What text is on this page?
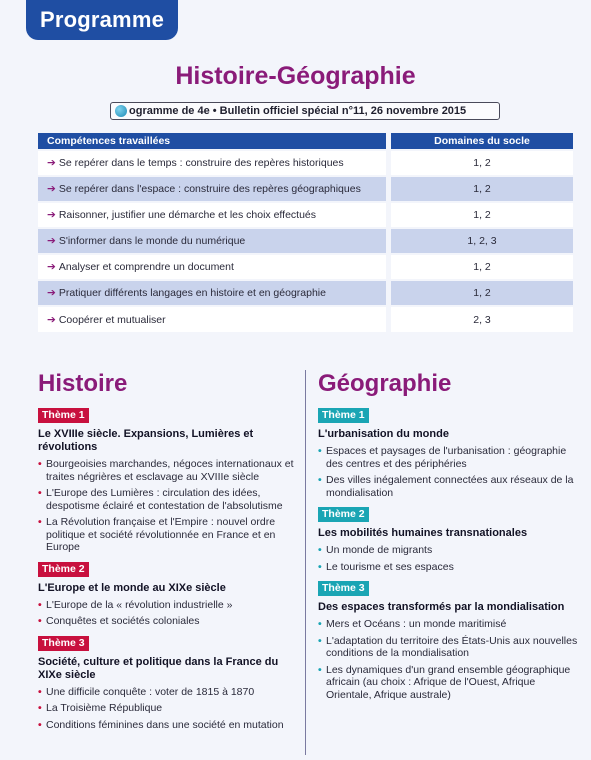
Programme
Histoire-Géographie
ogramme de 4e • Bulletin officiel spécial n°11, 26 novembre 2015
Compétences travaillées		Domaines du socle
➔ Se repérer dans le temps : construire des repères historiques		1, 2
➔ Se repérer dans l'espace : construire des repères géographiques		1, 2
➔ Raisonner, justifier une démarche et les choix effectués		1, 2
➔ S'informer dans le monde du numérique		1, 2, 3
➔ Analyser et comprendre un document		1, 2
➔ Pratiquer différents langages en histoire et en géographie		1, 2
➔ Coopérer et mutualiser		2, 3
Histoire	Géographie
Thème 1
Le XVIIIe siècle. Expansions, Lumières et révolutions
• Bourgeoisies marchandes, négoces internationaux et traites négrières et esclavage au XVIIIe siècle
• L'Europe des Lumières : circulation des idées, despotisme éclairé et contestation de l'absolutisme
• La Révolution française et l'Empire : nouvel ordre politique et société révolutionnée en France et en Europe
Thème 2
L'Europe et le monde au XIXe siècle
• L'Europe de la « révolution industrielle »
• Conquêtes et sociétés coloniales
Thème 3
Société, culture et politique dans la France du XIXe siècle
• Une difficile conquête : voter de 1815 à 1870
• La Troisième République
• Conditions féminines dans une société en mutation
Thème 1
L'urbanisation du monde
• Espaces et paysages de l'urbanisation : géographie des centres et des périphéries
• Des villes inégalement connectées aux réseaux de la mondialisation
Thème 2
Les mobilités humaines transnationales
• Un monde de migrants
• Le tourisme et ses espaces
Thème 3
Des espaces transformés par la mondialisation
• Mers et Océans : un monde maritimisé
• L'adaptation du territoire des États-Unis aux nouvelles conditions de la mondialisation
• Les dynamiques d'un grand ensemble géographique africain (au choix : Afrique de l'Ouest, Afrique Orientale, Afrique australe)
